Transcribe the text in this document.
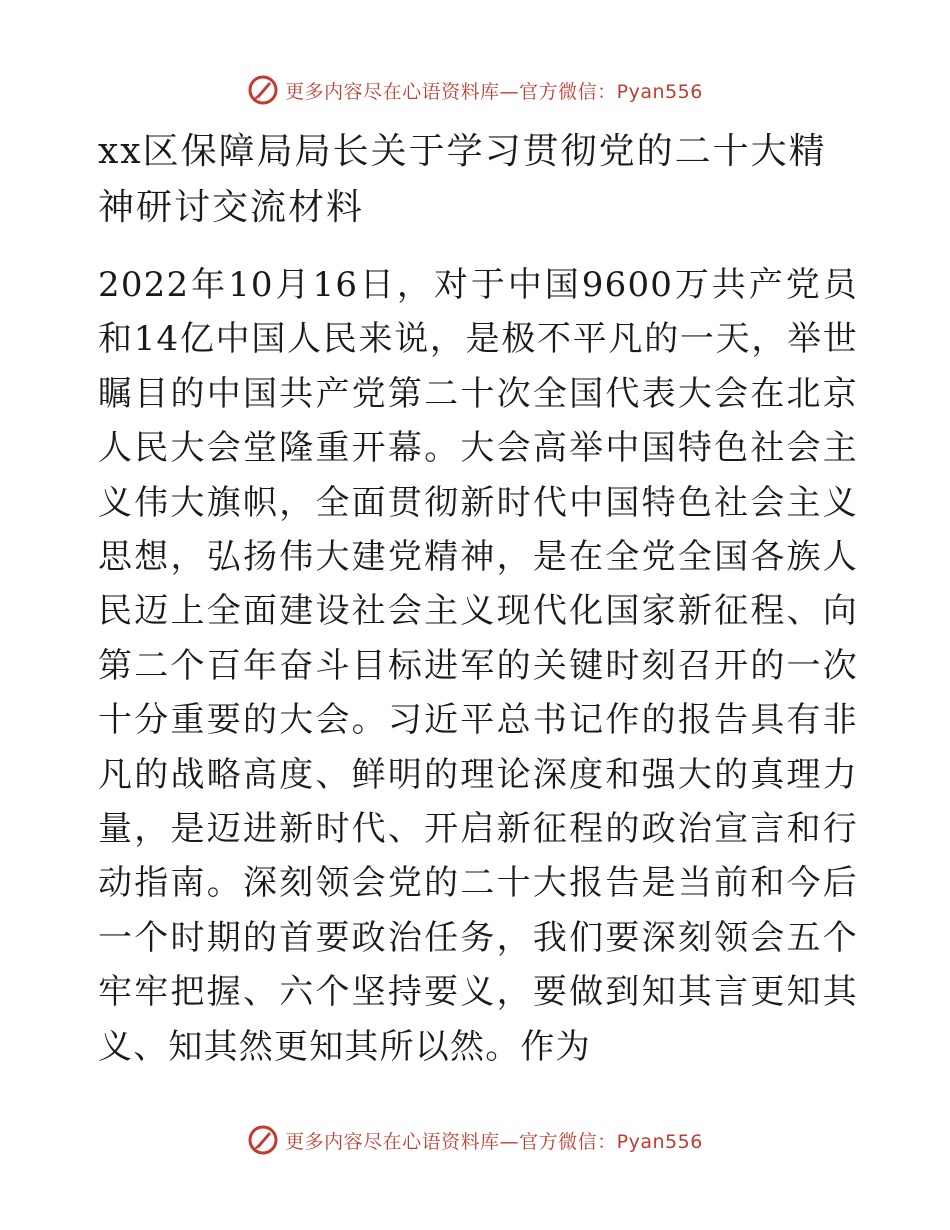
更多内容尽在心语资料库—官方微信：Pyan556
xx区保障局局长关于学习贯彻党的二十大精神研讨交流材料

2022年10月16日，对于中国9600万共产党员和14亿中国人民来说，是极不平凡的一天，举世瞩目的中国共产党第二十次全国代表大会在北京人民大会堂隆重开幕。大会高举中国特色社会主义伟大旗帜，全面贯彻新时代中国特色社会主义思想，弘扬伟大建党精神，是在全党全国各族人民迈上全面建设社会主义现代化国家新征程、向第二个百年奋斗目标进军的关键时刻召开的一次十分重要的大会。习近平总书记作的报告具有非凡的战略高度、鲜明的理论深度和强大的真理力量，是迈进新时代、开启新征程的政治宣言和行动指南。深刻领会党的二十大报告是当前和今后一个时期的首要政治任务，我们要深刻领会五个牢牢把握、六个坚持要义，要做到知其言更知其义、知其然更知其所以然。作为

更多内容尽在心语资料库—官方微信：Pyan556
